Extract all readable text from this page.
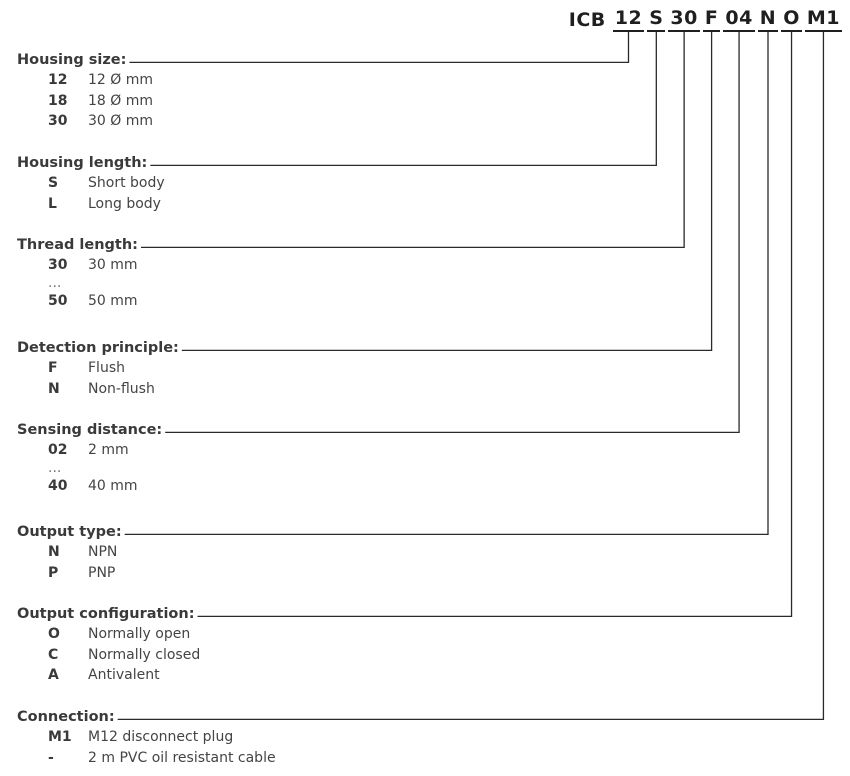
ICB 12 S 30 F 04 N O M1
Housing size:
12	12 Ø mm
18	18 Ø mm
30	30 Ø mm
Housing length:
S	Short body
L	Long body
Thread length:
30	30 mm
...
50	50 mm
Detection principle:
F	Flush
N	Non-flush
Sensing distance:
02	2 mm
...
40	40 mm
Output type:
N	NPN
P	PNP
Output configuration:
O	Normally open
C	Normally closed
A	Antivalent
Connection:
M1	M12 disconnect plug
-	2 m PVC oil resistant cable
